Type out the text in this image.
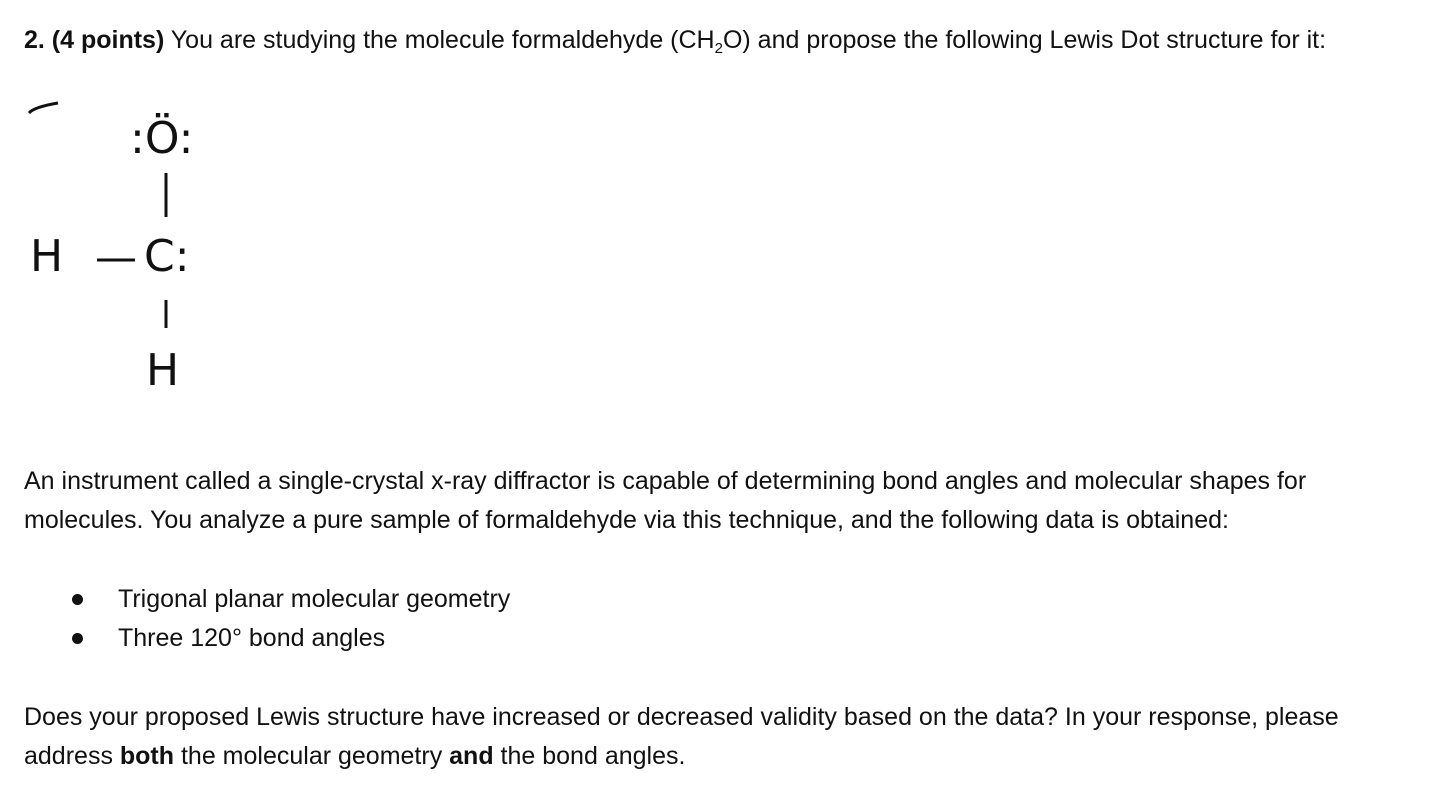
2. (4 points) You are studying the molecule formaldehyde $(CH_2O)$ and propose the following Lewis Dot structure for it:
:Ö:
H C:
H
An instrument called a single-crystal x-ray diffractor is capable of determining bond angles and molecular shapes for molecules. You analyze a pure sample of formaldehyde via this technique, and the following data is obtained:
Trigonal planar molecular geometry
Three 120° bond angles
Does your proposed Lewis structure have increased or decreased validity based on the data? In your response, please address both the molecular geometry and the bond angles.
